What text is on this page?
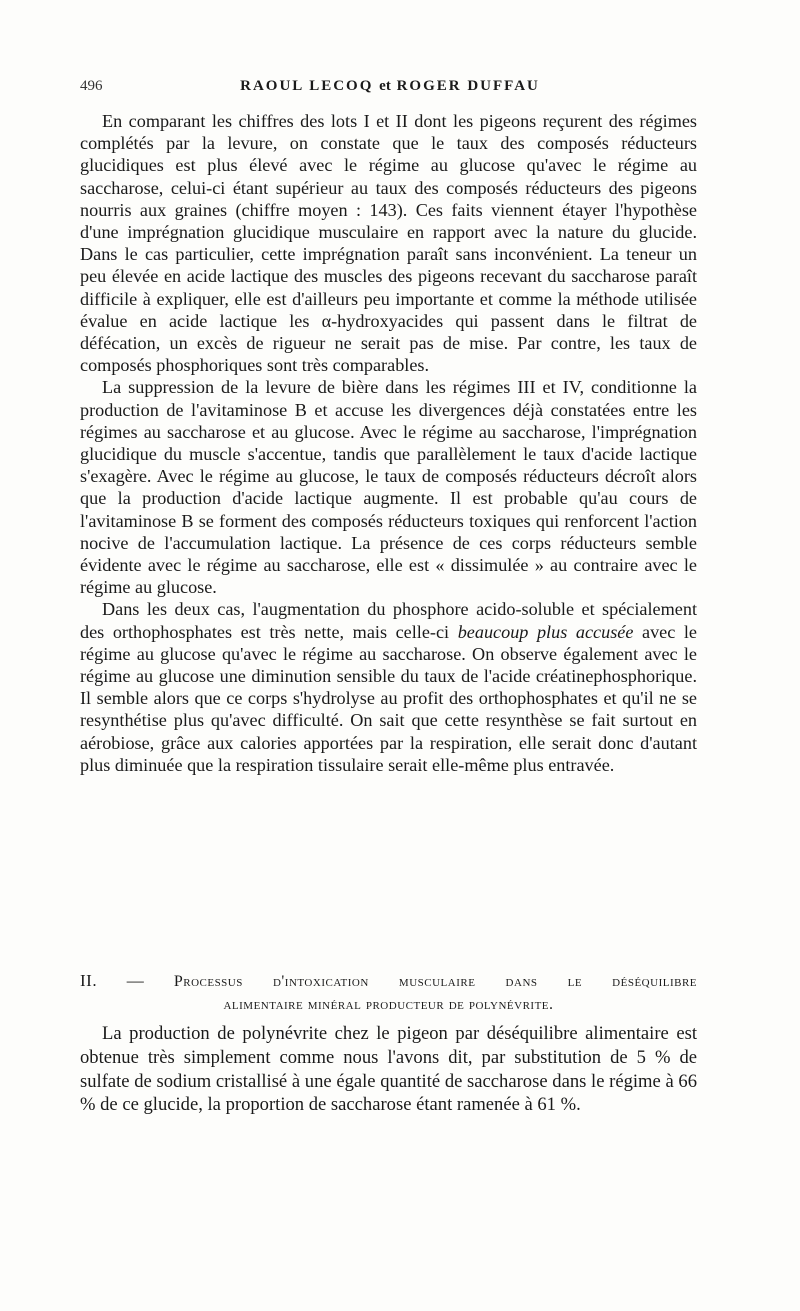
496	RAOUL LECOQ et ROGER DUFFAU

En comparant les chiffres des lots I et II dont les pigeons reçurent des régimes complétés par la levure, on constate que le taux des composés réducteurs glucidiques est plus élevé avec le régime au glucose qu'avec le régime au saccharose, celui-ci étant supérieur au taux des composés réducteurs des pigeons nourris aux graines (chiffre moyen : 143). Ces faits viennent étayer l'hypothèse d'une imprégnation glucidique musculaire en rapport avec la nature du glucide. Dans le cas particulier, cette imprégnation paraît sans inconvénient. La teneur un peu élevée en acide lactique des muscles des pigeons recevant du saccharose paraît difficile à expliquer, elle est d'ailleurs peu importante et comme la méthode utilisée évalue en acide lactique les α-hydroxyacides qui passent dans le filtrat de défécation, un excès de rigueur ne serait pas de mise. Par contre, les taux de composés phosphoriques sont très comparables.

La suppression de la levure de bière dans les régimes III et IV, conditionne la production de l'avitaminose B et accuse les divergences déjà constatées entre les régimes au saccharose et au glucose. Avec le régime au saccharose, l'imprégnation glucidique du muscle s'accentue, tandis que parallèlement le taux d'acide lactique s'exagère. Avec le régime au glucose, le taux de composés réducteurs décroît alors que la production d'acide lactique augmente. Il est probable qu'au cours de l'avitaminose B se forment des composés réducteurs toxiques qui renforcent l'action nocive de l'accumulation lactique. La présence de ces corps réducteurs semble évidente avec le régime au saccharose, elle est « dissimulée » au contraire avec le régime au glucose.

Dans les deux cas, l'augmentation du phosphore acido-soluble et spécialement des orthophosphates est très nette, mais celle-ci beaucoup plus accusée avec le régime au glucose qu'avec le régime au saccharose. On observe également avec le régime au glucose une diminution sensible du taux de l'acide créatinephosphorique. Il semble alors que ce corps s'hydrolyse au profit des orthophosphates et qu'il ne se resynthétise plus qu'avec difficulté. On sait que cette resynthèse se fait surtout en aérobiose, grâce aux calories apportées par la respiration, elle serait donc d'autant plus diminuée que la respiration tissulaire serait elle-même plus entravée.

II. — Processus d'intoxication musculaire dans le déséquilibre
alimentaire minéral producteur de polynévrite.

La production de polynévrite chez le pigeon par déséquilibre alimentaire est obtenue très simplement comme nous l'avons dit, par substitution de 5 % de sulfate de sodium cristallisé à une égale quantité de saccharose dans le régime à 66 % de ce glucide, la proportion de saccharose étant ramenée à 61 %.
